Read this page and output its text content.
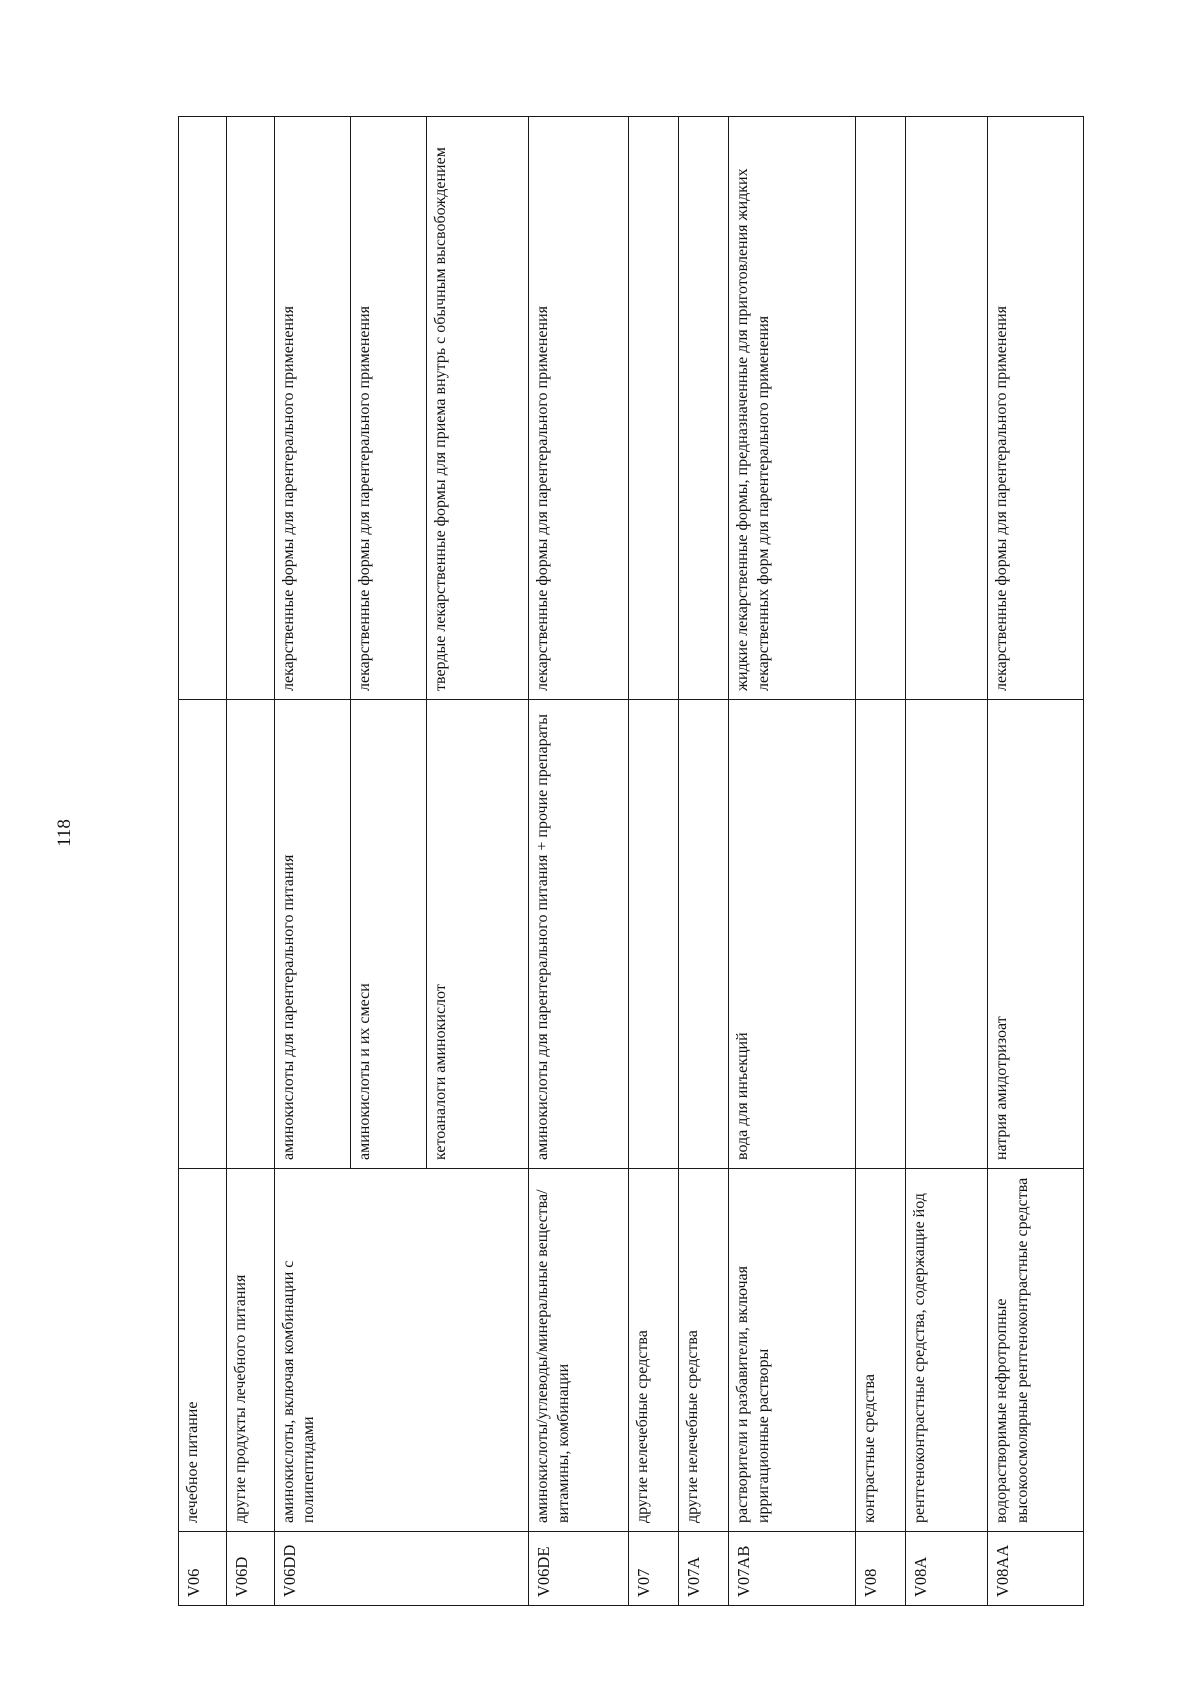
118
V06	лечебное питание		
V06D	другие продукты лечебного питания		
V06DD	аминокислоты, включая комбинации с полипептидами	аминокислоты для парентерального питания	лекарственные формы для парентерального применения
		аминокислоты и их смеси	лекарственные формы для парентерального применения
		кетоаналоги аминокислот	твердые лекарственные формы для приема внутрь с обычным высвобождением
V06DE	аминокислоты/углеводы/минеральные вещества/витамины, комбинации	аминокислоты для парентерального питания + прочие препараты	лекарственные формы для парентерального применения
V07	другие нелечебные средства		
V07A	другие нелечебные средства		
V07AB	растворители и разбавители, включая ирригационные растворы	вода для инъекций	жидкие лекарственные формы, предназначенные для приготовления жидких лекарственных форм для парентерального применения
V08	контрастные средства		
V08A	рентгеноконтрастные средства, содержащие йод		
V08AA	водорастворимые нефротропные высокоосмолярные рентгеноконтрастные средства	натрия амидотризоат	лекарственные формы для парентерального применения
